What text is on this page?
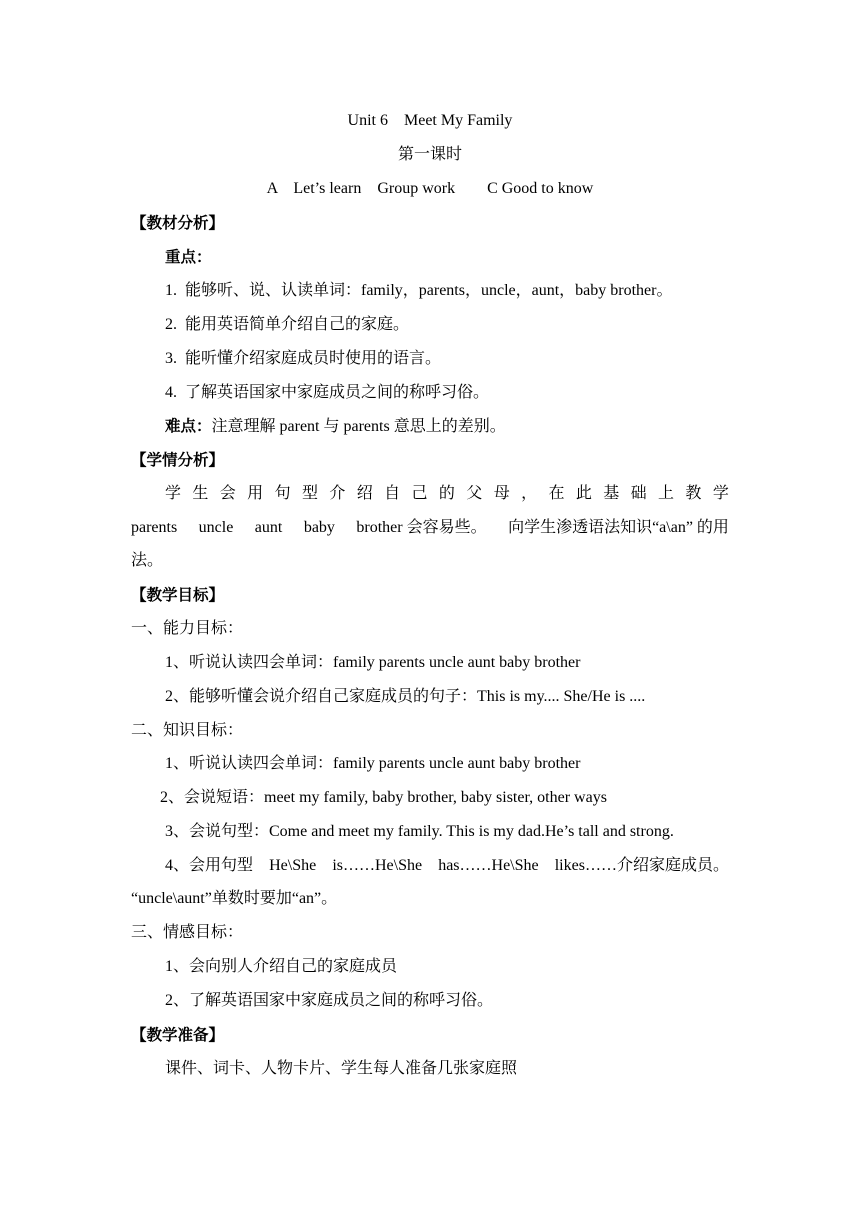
Unit 6    Meet My Family
第一课时
A    Let’s learn    Group work        C Good to know
【教材分析】
重点：
1.  能够听、说、认读单词：family，parents，uncle，aunt，baby brother。
2.  能用英语简单介绍自己的家庭。
3.  能听懂介绍家庭成员时使用的语言。
4.  了解英语国家中家庭成员之间的称呼习俗。
难点：注意理解 parent 与 parents 意思上的差别。
【学情分析】
学 生 会 用 句 型 介 绍 自 己 的 父 母 ， 在 此 基 础 上 教 学
parents uncle aunt baby brother 会容易些。 向学生渗透语法知识“a\an” 的用
法。
【教学目标】
一、能力目标：
1、听说认读四会单词：family parents uncle aunt baby brother
2、能够听懂会说介绍自己家庭成员的句子：This is my.... She/He is ....
二、知识目标：
1、听说认读四会单词：family parents uncle aunt baby brother
2、会说短语：meet my family, baby brother, baby sister, other ways
3、会说句型：Come and meet my family. This is my dad.He’s tall and strong.
4、会用句型 He\She is……He\She has……He\She likes……介绍家庭成员。
“uncle\aunt”单数时要加“an”。
三、情感目标：
1、会向别人介绍自己的家庭成员
2、了解英语国家中家庭成员之间的称呼习俗。
【教学准备】
课件、词卡、人物卡片、学生每人准备几张家庭照
